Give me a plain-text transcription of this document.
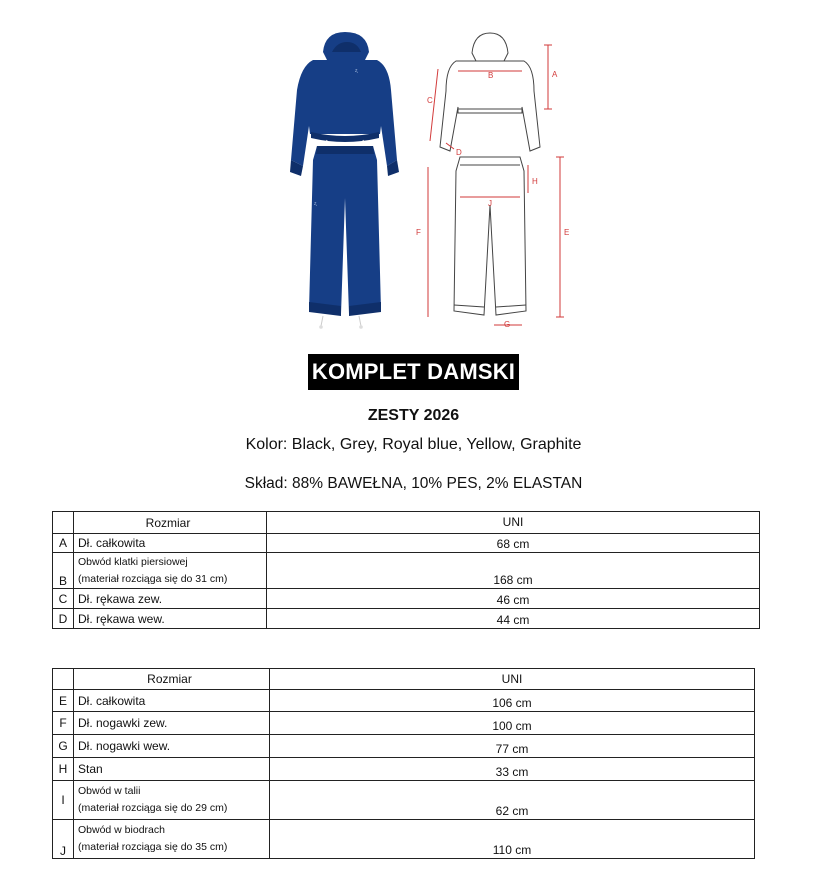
ʐ
ʐ
A
B
C
D
E
F
G
H
J
KOMPLET DAMSKI
ZESTY 2026
Kolor: Black, Grey, Royal blue, Yellow, Graphite
Skład: 88% BAWEŁNA, 10% PES, 2% ELASTAN
	Rozmiar	UNI
A	Dł. całkowita	68 cm
B	Obwód klatki piersiowej
(materiał rozciąga się do 31 cm)	168 cm
C	Dł. rękawa zew.	46 cm
D	Dł. rękawa wew.	44 cm
	Rozmiar	UNI
E	Dł. całkowita	106 cm
F	Dł. nogawki zew.	100 cm
G	Dł. nogawki wew.	77 cm
H	Stan	33 cm
I	Obwód w talii
(materiał rozciąga się do 29 cm)	62 cm
J	Obwód w biodrach
(materiał rozciąga się do 35 cm)	110 cm
